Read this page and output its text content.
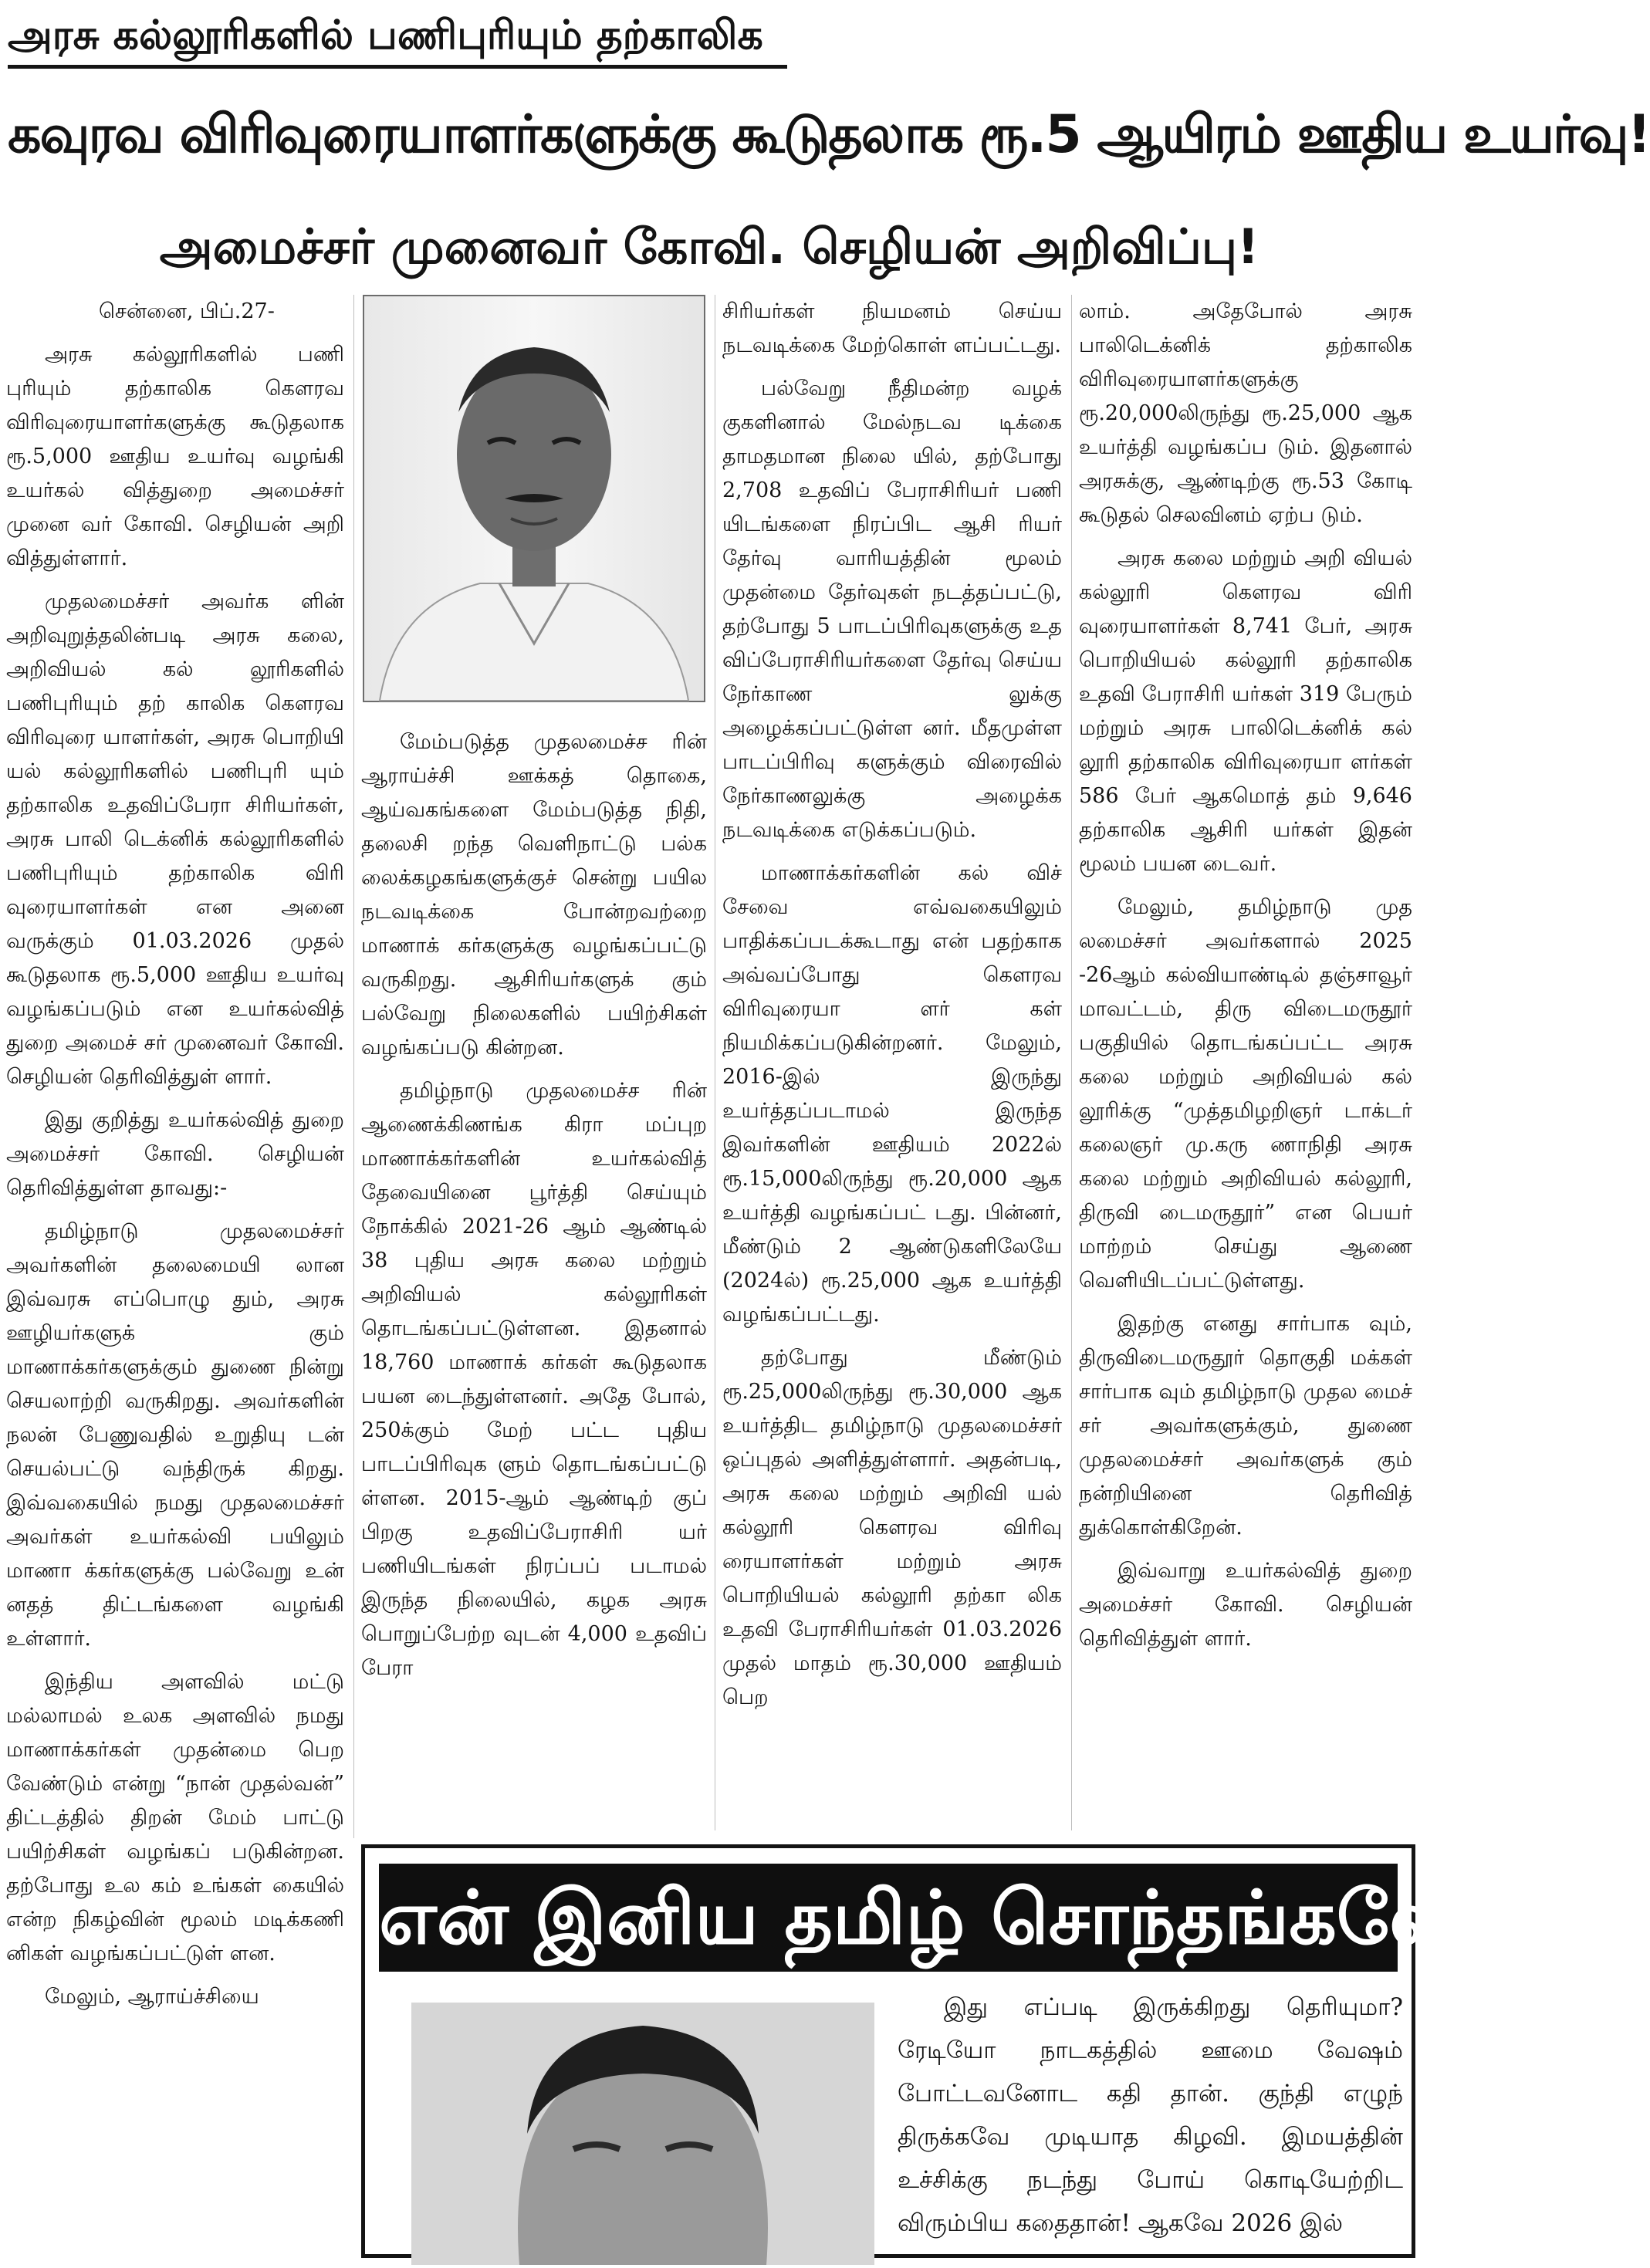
அரசு கல்லூரிகளில் பணிபுரியும் தற்காலிக
கவுரவ விரிவுரையாளர்களுக்கு கூடுதலாக ரூ.5 ஆயிரம் ஊதிய உயர்வு!
அமைச்சர் முனைவர் கோவி. செழியன் அறிவிப்பு!

சென்னை, பிப்.27-

அரசு கல்லூரிகளில் பணி புரியும் தற்காலிக கௌரவ விரிவுரையாளர்களுக்கு கூடுதலாக ரூ.5,000 ஊதிய உயர்வு வழங்கி உயர்கல் வித்துறை அமைச்சர் முனை வர் கோவி. செழியன் அறி வித்துள்ளார்.

முதலமைச்சர் அவர்க ளின் அறிவுறுத்தலின்படி அரசு கலை, அறிவியல் கல் லூரிகளில் பணிபுரியும் தற் காலிக கௌரவ விரிவுரை யாளர்கள், அரசு பொறியி யல் கல்லூரிகளில் பணிபுரி யும் தற்காலிக உதவிப்பேரா சிரியர்கள், அரசு பாலி டெக்னிக் கல்லூரிகளில் பணிபுரியும் தற்காலிக விரி வுரையாளர்கள் என அனை வருக்கும் 01.03.2026 முதல் கூடுதலாக ரூ.5,000 ஊதிய உயர்வு வழங்கப்படும் என உயர்கல்வித் துறை அமைச் சர் முனைவர் கோவி. செழியன் தெரிவித்துள் ளார்.

இது குறித்து உயர்கல்வித் துறை அமைச்சர் கோவி. செழியன் தெரிவித்துள்ள தாவது:-

தமிழ்நாடு முதலமைச்சர் அவர்களின் தலைமையி லான இவ்வரசு எப்பொழு தும், அரசு ஊழியர்களுக் கும் மாணாக்கர்களுக்கும் துணை நின்று செயலாற்றி வருகிறது. அவர்களின் நலன் பேணுவதில் உறுதியு டன் செயல்பட்டு வந்திருக் கிறது. இவ்வகையில் நமது முதலமைச்சர் அவர்கள் உயர்கல்வி பயிலும் மாணா க்கர்களுக்கு பல்வேறு உன் னதத் திட்டங்களை வழங்கி உள்ளார்.

இந்திய அளவில் மட்டு மல்லாமல் உலக அளவில் நமது மாணாக்கர்கள் முதன்மை பெற வேண்டும் என்று “நான் முதல்வன்” திட்டத்தில் திறன் மேம் பாட்டு பயிற்சிகள் வழங்கப் படுகின்றன. தற்போது உல கம் உங்கள் கையில் என்ற நிகழ்வின் மூலம் மடிக்கணி னிகள் வழங்கப்பட்டுள் ளன.

மேலும், ஆராய்ச்சியை

மேம்படுத்த முதலமைச்ச ரின் ஆராய்ச்சி ஊக்கத் தொகை, ஆய்வகங்களை மேம்படுத்த நிதி, தலைசி றந்த வெளிநாட்டு பல்க லைக்கழகங்களுக்குச் சென்று பயில நடவடிக்கை போன்றவற்றை மாணாக் கர்களுக்கு வழங்கப்பட்டு வருகிறது. ஆசிரியர்களுக் கும் பல்வேறு நிலைகளில் பயிற்சிகள் வழங்கப்படு கின்றன.

தமிழ்நாடு முதலமைச்ச ரின் ஆணைக்கிணங்க கிரா மப்புற மாணாக்கர்களின் உயர்கல்வித் தேவையினை பூர்த்தி செய்யும் நோக்கில் 2021-26 ஆம் ஆண்டில் 38 புதிய அரசு கலை மற்றும் அறிவியல் கல்லூரிகள் தொடங்கப்பட்டுள்ளன. இதனால் 18,760 மாணாக் கர்கள் கூடுதலாக பயன டைந்துள்ளனர். அதே போல், 250க்கும் மேற் பட்ட புதிய பாடப்பிரிவுக ளும் தொடங்கப்பட்டு ள்ளன. 2015-ஆம் ஆண்டிற் குப் பிறகு உதவிப்பேராசிரி யர் பணியிடங்கள் நிரப்பப் படாமல் இருந்த நிலையில், கழக அரசு பொறுப்பேற்ற வுடன் 4,000 உதவிப் பேரா

சிரியர்கள் நியமனம் செய்ய நடவடிக்கை மேற்கொள் ளப்பட்டது.

பல்வேறு நீதிமன்ற வழக் குகளினால் மேல்நடவ டிக்கை தாமதமான நிலை யில், தற்போது 2,708 உதவிப் பேராசிரியர் பணி யிடங்களை நிரப்பிட ஆசி ரியர் தேர்வு வாரியத்தின் மூலம் முதன்மை தேர்வுகள் நடத்தப்பட்டு, தற்போது 5 பாடப்பிரிவுகளுக்கு உத விப்பேராசிரியர்களை தேர்வு செய்ய நேர்காண லுக்கு அழைக்கப்பட்டுள்ள னர். மீதமுள்ள பாடப்பிரிவு களுக்கும் விரைவில் நேர்காணலுக்கு அழைக்க நடவடிக்கை எடுக்கப்படும்.

மாணாக்கர்களின் கல் விச் சேவை எவ்வகையிலும் பாதிக்கப்படக்கூடாது என் பதற்காக அவ்வப்போது கௌரவ விரிவுரையா ளர் கள் நியமிக்கப்படுகின்றனர். மேலும், 2016-இல் இருந்து உயர்த்தப்படாமல் இருந்த இவர்களின் ஊதியம் 2022ல் ரூ.15,000லிருந்து ரூ.20,000 ஆக உயர்த்தி வழங்கப்பட் டது. பின்னர், மீண்டும் 2 ஆண்டுகளிலேயே (2024ல்) ரூ.25,000 ஆக உயர்த்தி வழங்கப்பட்டது.

தற்போது மீண்டும் ரூ.25,000லிருந்து ரூ.30,000 ஆக உயர்த்திட தமிழ்நாடு முதலமைச்சர் ஒப்புதல் அளித்துள்ளார். அதன்படி, அரசு கலை மற்றும் அறிவி யல் கல்லூரி கௌரவ விரிவு ரையாளர்கள் மற்றும் அரசு பொறியியல் கல்லூரி தற்கா லிக உதவி பேராசிரியர்கள் 01.03.2026 முதல் மாதம் ரூ.30,000 ஊதியம் பெற

லாம். அதேபோல் அரசு பாலிடெக்னிக் தற்காலிக விரிவுரையாளர்களுக்கு ரூ.20,000லிருந்து ரூ.25,000 ஆக உயர்த்தி வழங்கப்ப டும். இதனால் அரசுக்கு, ஆண்டிற்கு ரூ.53 கோடி கூடுதல் செலவினம் ஏற்ப டும்.

அரசு கலை மற்றும் அறி வியல் கல்லூரி கௌரவ விரி வுரையாளர்கள் 8,741 பேர், அரசு பொறியியல் கல்லூரி தற்காலிக உதவி பேராசிரி யர்கள் 319 பேரும் மற்றும் அரசு பாலிடெக்னிக் கல் லூரி தற்காலிக விரிவுரையா ளர்கள் 586 பேர் ஆகமொத் தம் 9,646 தற்காலிக ஆசிரி யர்கள் இதன் மூலம் பயன டைவர்.

மேலும், தமிழ்நாடு முத லமைச்சர் அவர்களால் 2025 -26ஆம் கல்வியாண்டில் தஞ்சாவூர் மாவட்டம், திரு விடைமருதூர் பகுதியில் தொடங்கப்பட்ட அரசு கலை மற்றும் அறிவியல் கல் லூரிக்கு “முத்தமிழறிஞர் டாக்டர் கலைஞர் மு.கரு ணாநிதி அரசு கலை மற்றும் அறிவியல் கல்லூரி, திருவி டைமருதூர்” என பெயர் மாற்றம் செய்து ஆணை வெளியிடப்பட்டுள்ளது.

இதற்கு எனது சார்பாக வும், திருவிடைமருதூர் தொகுதி மக்கள் சார்பாக வும் தமிழ்நாடு முதல மைச் சர் அவர்களுக்கும், துணை முதலமைச்சர் அவர்களுக் கும் நன்றியினை தெரிவித் துக்கொள்கிறேன்.

இவ்வாறு உயர்கல்வித் துறை அமைச்சர் கோவி. செழியன் தெரிவித்துள் ளார்.

என் இனிய தமிழ் சொந்தங்களே!

இது எப்படி இருக்கிறது தெரியுமா? ரேடியோ நாடகத்தில் ஊமை வேஷம் போட்டவனோட கதி தான். குந்தி எழுந் திருக்கவே முடியாத கிழவி. இமயத்தின் உச்சிக்கு நடந்து போய் கொடியேற்றிட விரும்பிய கதைதான்! ஆகவே 2026 இல்
